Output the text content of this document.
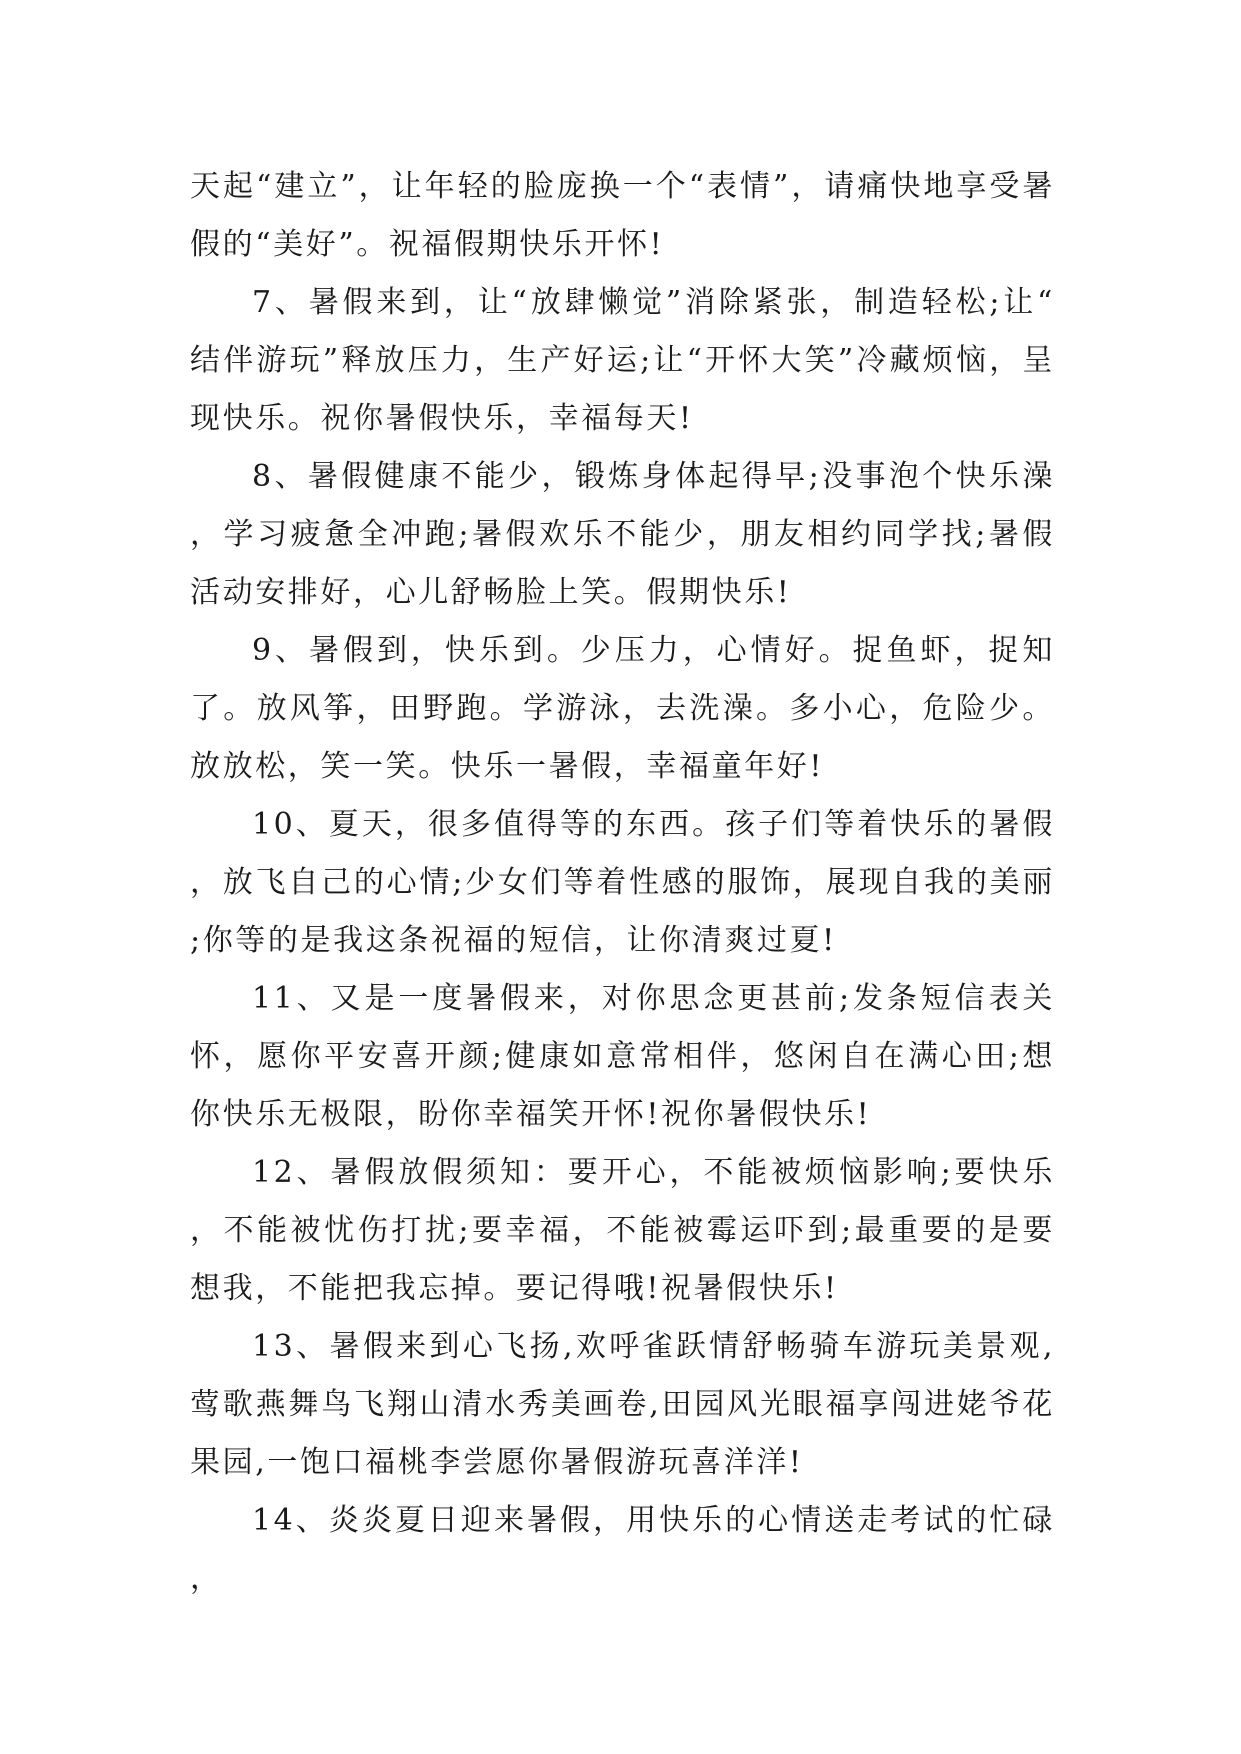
天起“建立”，让年轻的脸庞换一个“表情”，请痛快地享受暑假的“美好”。祝福假期快乐开怀!

7、暑假来到，让“放肆懒觉”消除紧张，制造轻松;让“结伴游玩”释放压力，生产好运;让“开怀大笑”冷藏烦恼，呈现快乐。祝你暑假快乐，幸福每天!

8、暑假健康不能少，锻炼身体起得早;没事泡个快乐澡，学习疲惫全冲跑;暑假欢乐不能少，朋友相约同学找;暑假活动安排好，心儿舒畅脸上笑。假期快乐!

9、暑假到，快乐到。少压力，心情好。捉鱼虾，捉知了。放风筝，田野跑。学游泳，去洗澡。多小心，危险少。放放松，笑一笑。快乐一暑假，幸福童年好!

10、夏天，很多值得等的东西。孩子们等着快乐的暑假，放飞自己的心情;少女们等着性感的服饰，展现自我的美丽;你等的是我这条祝福的短信，让你清爽过夏!

11、又是一度暑假来，对你思念更甚前;发条短信表关怀，愿你平安喜开颜;健康如意常相伴，悠闲自在满心田;想你快乐无极限，盼你幸福笑开怀!祝你暑假快乐!

12、暑假放假须知：要开心，不能被烦恼影响;要快乐，不能被忧伤打扰;要幸福，不能被霉运吓到;最重要的是要想我，不能把我忘掉。要记得哦!祝暑假快乐!

13、暑假来到心飞扬,欢呼雀跃情舒畅骑车游玩美景观,莺歌燕舞鸟飞翔山清水秀美画卷,田园风光眼福享闯进姥爷花果园,一饱口福桃李尝愿你暑假游玩喜洋洋!

14、炎炎夏日迎来暑假，用快乐的心情送走考试的忙碌，
